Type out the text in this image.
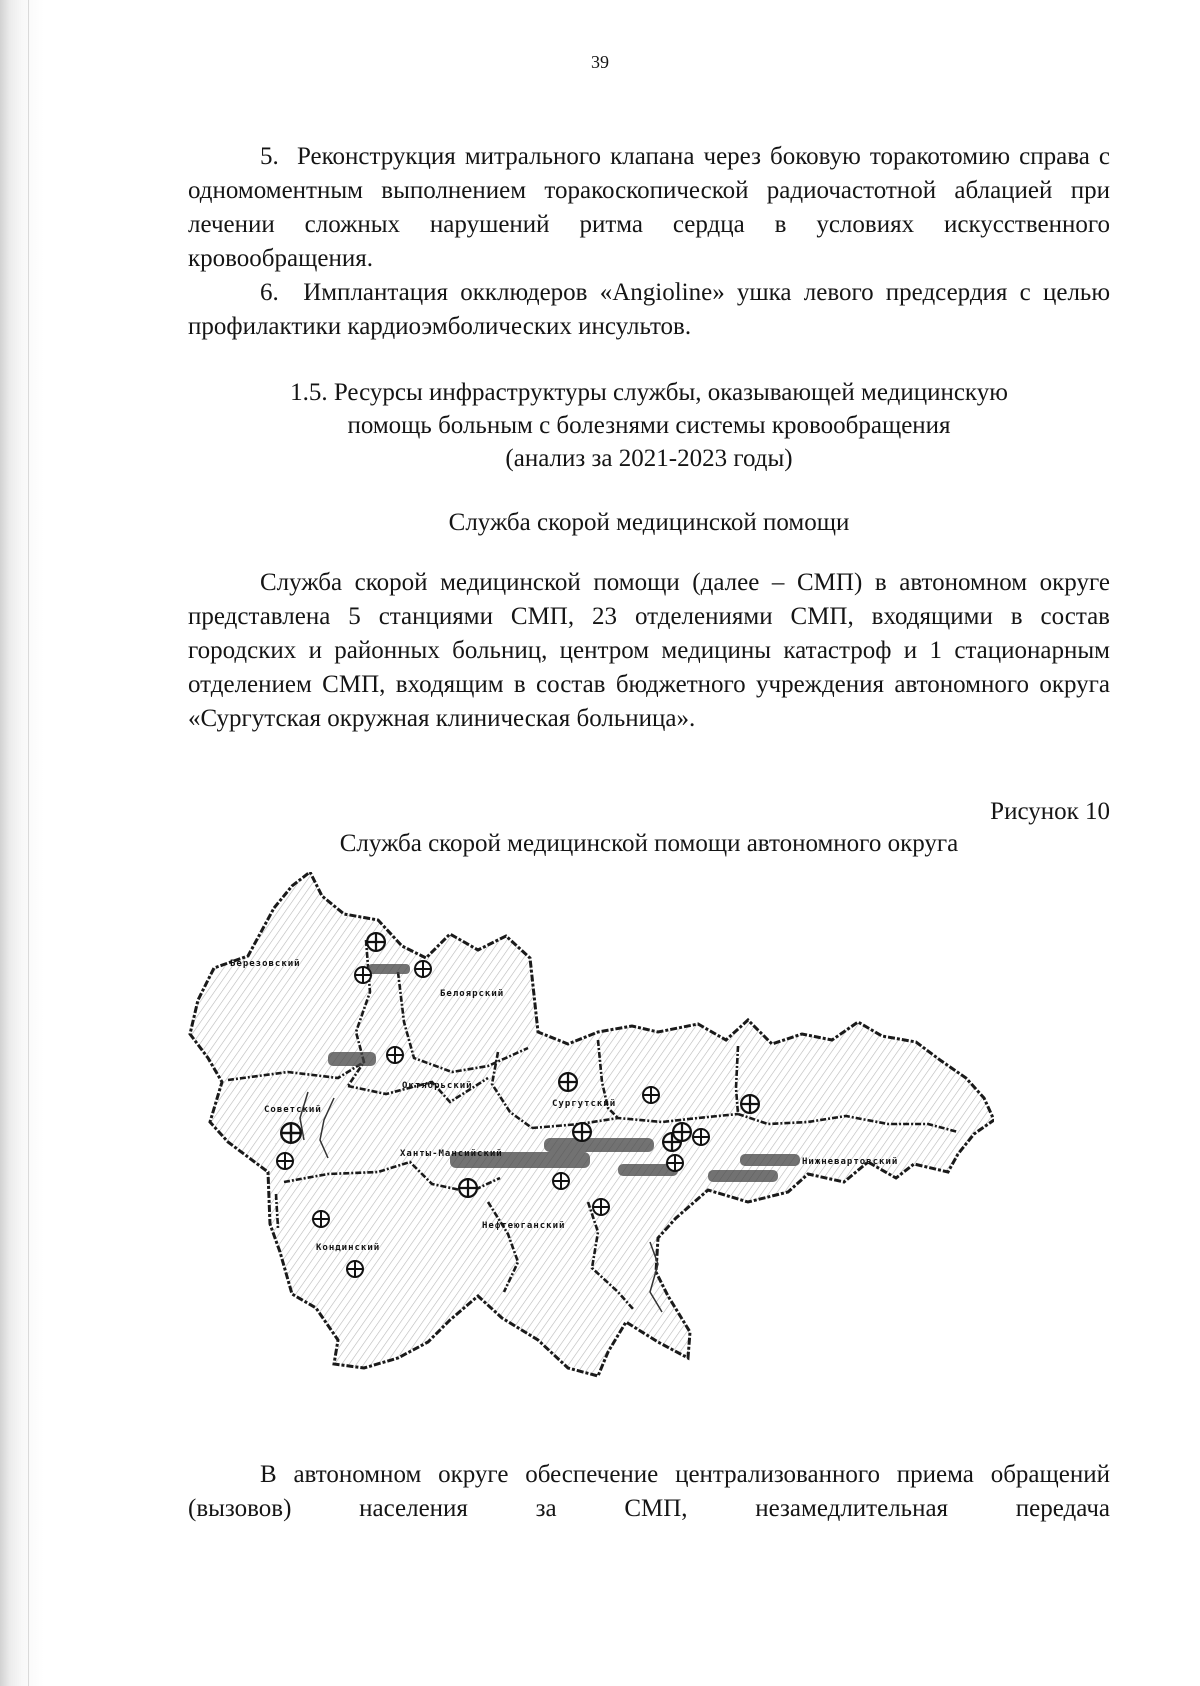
39

5. Реконструкция митрального клапана через боковую торакотомию справа с одномоментным выполнением торакоскопической радиочастотной аблацией при лечении сложных нарушений ритма сердца в условиях искусственного кровообращения.

6. Имплантация окклюдеров «Angioline» ушка левого предсердия с целью профилактики кардиоэмболических инсультов.

1.5. Ресурсы инфраструктуры службы, оказывающей медицинскую
помощь больным с болезнями системы кровообращения
(анализ за 2021-2023 годы)
Служба скорой медицинской помощи

Служба скорой медицинской помощи (далее – СМП) в автономном округе представлена 5 станциями СМП, 23 отделениями СМП, входящими в состав городских и районных больниц, центром медицины катастроф и 1 стационарным отделением СМП, входящим в состав бюджетного учреждения автономного округа «Сургутская окружная клиническая больница».

Рисунок 10
Служба скорой медицинской помощи автономного округа
Березовский
Белоярский
Октябрьский
Советский
Сургутский
Ханты-Мансийский
Нижневартовский
Нефтеюганский
Кондинский

В автономном округе обеспечение централизованного приема обращений (вызовов) населения за СМП, незамедлительная передача
